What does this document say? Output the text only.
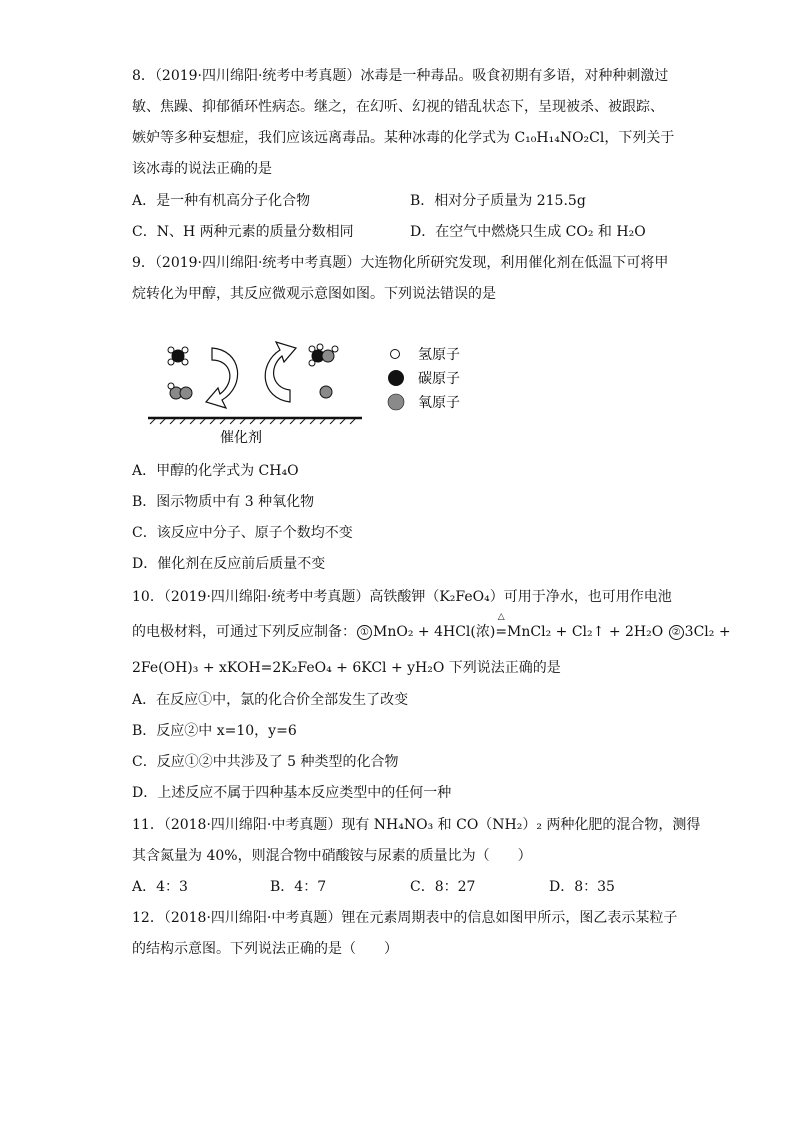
8．（2019·四川绵阳·统考中考真题）冰毒是一种毒品。吸食初期有多语，对种种刺激过
敏、焦躁、抑郁循环性病态。继之，在幻听、幻视的错乱状态下，呈现被杀、被跟踪、
嫉妒等多种妄想症，我们应该远离毒品。某种冰毒的化学式为 C₁₀H₁₄NO₂Cl，下列关于
该冰毒的说法正确的是
A．是一种有机高分子化合物	B．相对分子质量为 215.5g
C．N、H 两种元素的质量分数相同	D．在空气中燃烧只生成 CO₂ 和 H₂O
9．（2019·四川绵阳·统考中考真题）大连物化所研究发现，利用催化剂在低温下可将甲
烷转化为甲醇，其反应微观示意图如图。下列说法错误的是
催化剂
氢原子
碳原子
氧原子
A．甲醇的化学式为 CH₄O
B．图示物质中有 3 种氧化物
C．该反应中分子、原子个数均不变
D．催化剂在反应前后质量不变
10．（2019·四川绵阳·统考中考真题）高铁酸钾（K₂FeO₄）可用于净水，也可用作电池
的电极材料，可通过下列反应制备： ① MnO₂ + 4HCl(浓)
△
=MnCl₂ + Cl₂↑ + 2H₂O ② 3Cl₂ +
2Fe(OH)₃ + xKOH=2K₂FeO₄ + 6KCl + yH₂O 下列说法正确的是
A．在反应①中，氯的化合价全部发生了改变
B．反应②中 x=10，y=6
C．反应①②中共涉及了 5 种类型的化合物
D．上述反应不属于四种基本反应类型中的任何一种
11．（2018·四川绵阳·中考真题）现有 NH₄NO₃ 和 CO（NH₂）₂ 两种化肥的混合物，测得
其含氮量为 40%，则混合物中硝酸铵与尿素的质量比为（　　）
A．4：3	B．4：7	C．8：27	D．8：35
12．（2018·四川绵阳·中考真题）锂在元素周期表中的信息如图甲所示，图乙表示某粒子
的结构示意图。下列说法正确的是（　　）
